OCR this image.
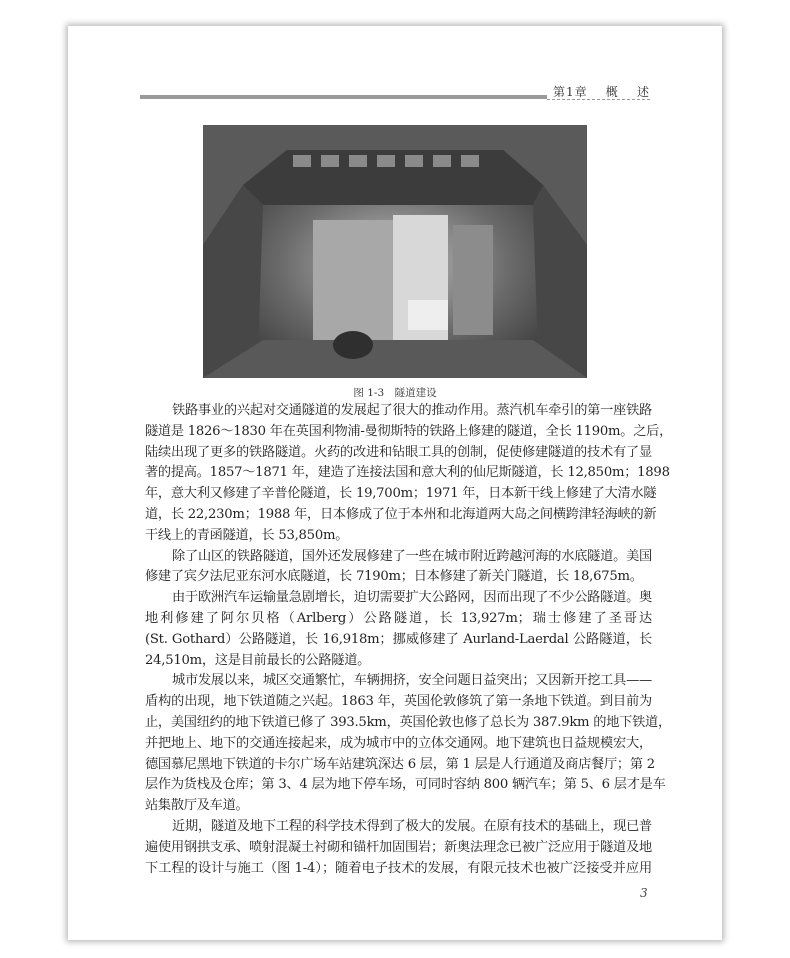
第1章 概 述
图 1-3　隧道建设
铁路事业的兴起对交通隧道的发展起了很大的推动作用。蒸汽机车牵引的第一座铁路
隧道是 1826～1830 年在英国利物浦-曼彻斯特的铁路上修建的隧道，全长 1190m。之后，
陆续出现了更多的铁路隧道。火药的改进和钻眼工具的创制，促使修建隧道的技术有了显
著的提高。1857～1871 年，建造了连接法国和意大利的仙尼斯隧道，长 12,850m；1898
年，意大利又修建了辛普伦隧道，长 19,700m；1971 年，日本新干线上修建了大清水隧
道，长 22,230m；1988 年，日本修成了位于本州和北海道两大岛之间横跨津轻海峡的新
干线上的青函隧道，长 53,850m。
除了山区的铁路隧道，国外还发展修建了一些在城市附近跨越河海的水底隧道。美国
修建了宾夕法尼亚东河水底隧道，长 7190m；日本修建了新关门隧道，长 18,675m。
由于欧洲汽车运输量急剧增长，迫切需要扩大公路网，因而出现了不少公路隧道。奥
地利修建了阿尔贝格（Arlberg）公路隧道，长 13,927m；瑞士修建了圣哥达
(St. Gothard）公路隧道，长 16,918m；挪威修建了 Aurland-Laerdal 公路隧道，长
24,510m，这是目前最长的公路隧道。
城市发展以来，城区交通繁忙，车辆拥挤，安全问题日益突出；又因新开挖工具——
盾构的出现，地下铁道随之兴起。1863 年，英国伦敦修筑了第一条地下铁道。到目前为
止，美国纽约的地下铁道已修了 393.5km，英国伦敦也修了总长为 387.9km 的地下铁道，
并把地上、地下的交通连接起来，成为城市中的立体交通网。地下建筑也日益规模宏大，
德国慕尼黑地下铁道的卡尔广场车站建筑深达 6 层，第 1 层是人行通道及商店餐厅；第 2
层作为货栈及仓库；第 3、4 层为地下停车场，可同时容纳 800 辆汽车；第 5、6 层才是车
站集散厅及车道。
近期，隧道及地下工程的科学技术得到了极大的发展。在原有技术的基础上，现已普
遍使用钢拱支承、喷射混凝土衬砌和锚杆加固围岩；新奥法理念已被广泛应用于隧道及地
下工程的设计与施工（图 1-4）；随着电子技术的发展，有限元技术也被广泛接受并应用
3
